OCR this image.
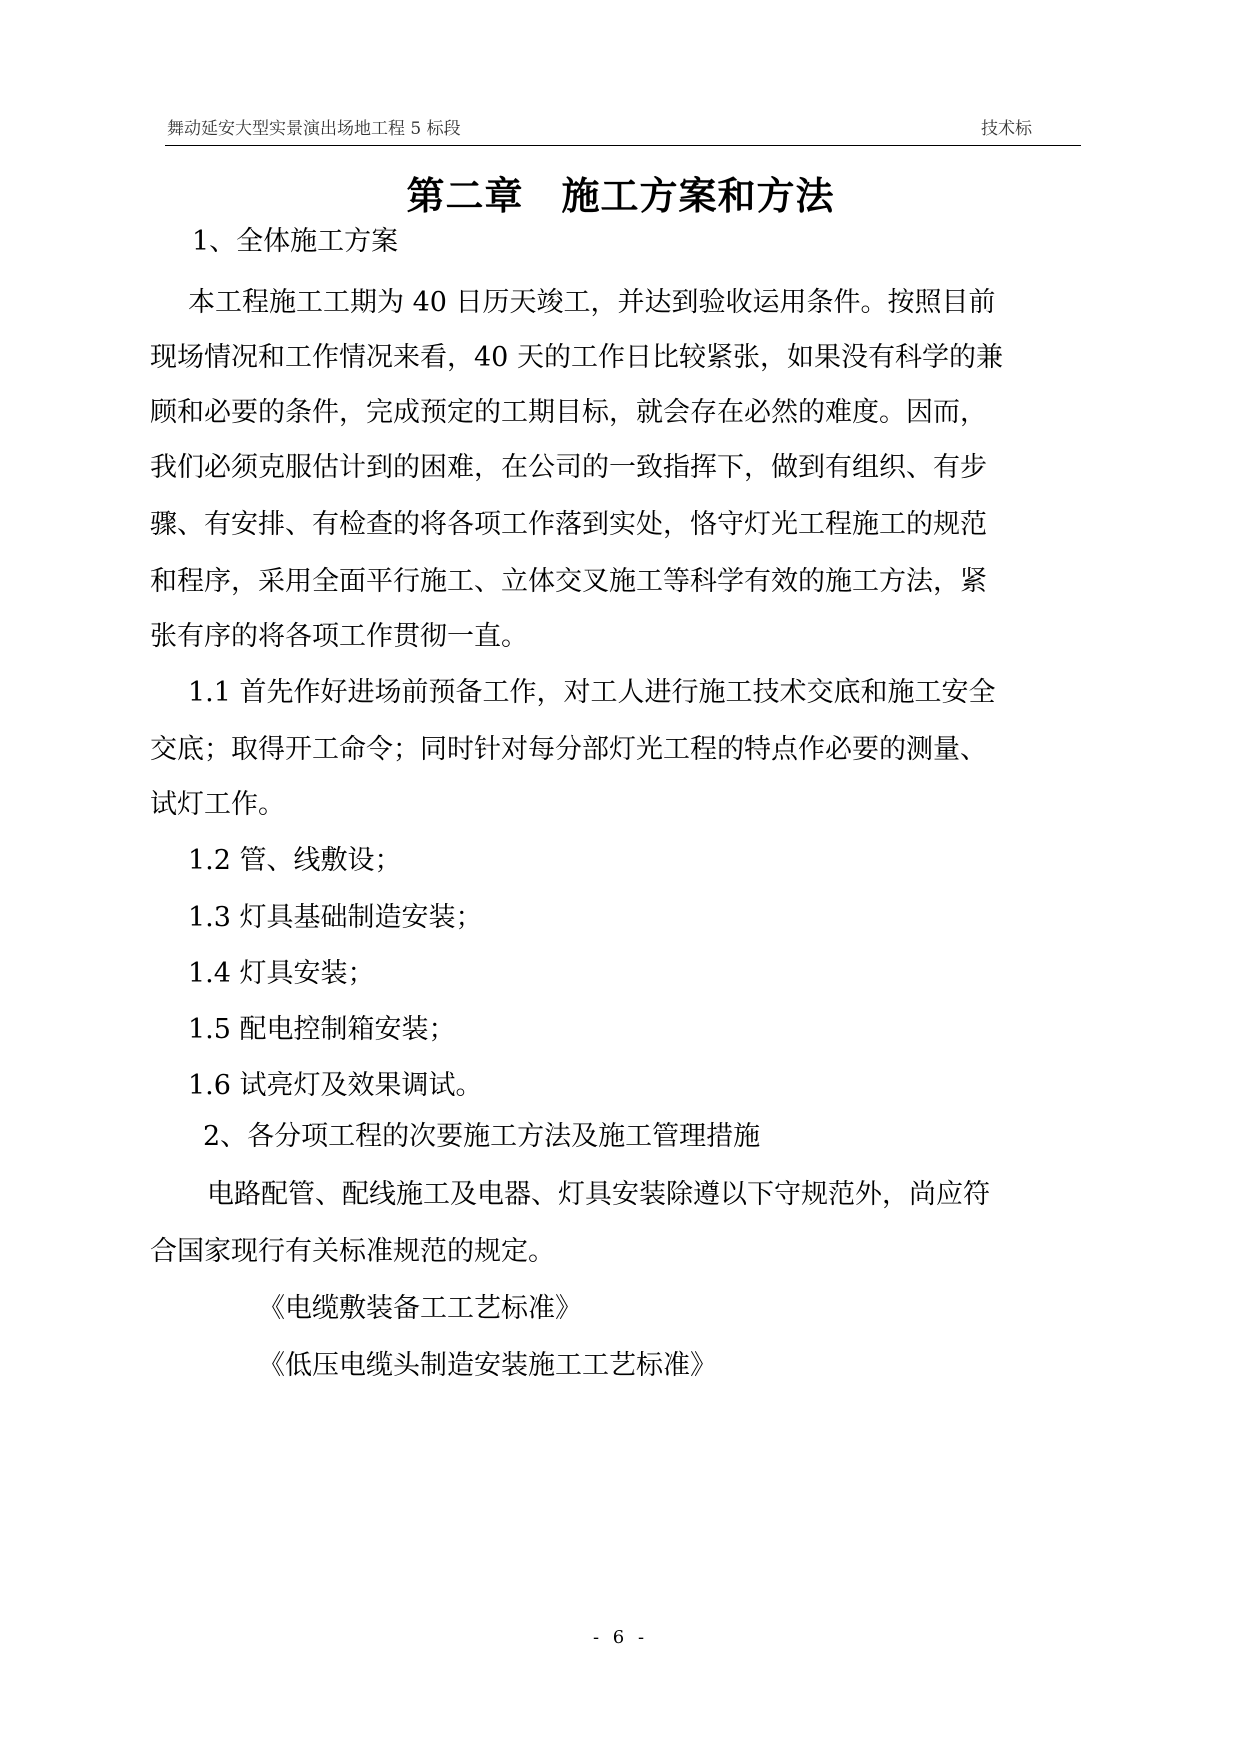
舞动延安大型实景演出场地工程 5 标段	技术标
第二章 施工方案和方法
1、全体施工方案
本工程施工工期为 40 日历天竣工，并达到验收运用条件。按照目前
现场情况和工作情况来看，40 天的工作日比较紧张，如果没有科学的兼
顾和必要的条件，完成预定的工期目标，就会存在必然的难度。因而，
我们必须克服估计到的困难，在公司的一致指挥下，做到有组织、有步
骤、有安排、有检查的将各项工作落到实处，恪守灯光工程施工的规范
和程序，采用全面平行施工、立体交叉施工等科学有效的施工方法，紧
张有序的将各项工作贯彻一直。
1.1 首先作好进场前预备工作，对工人进行施工技术交底和施工安全
交底；取得开工命令；同时针对每分部灯光工程的特点作必要的测量、
试灯工作。
1.2 管、线敷设；
1.3 灯具基础制造安装；
1.4 灯具安装；
1.5 配电控制箱安装；
1.6 试亮灯及效果调试。
2、各分项工程的次要施工方法及施工管理措施
电路配管、配线施工及电器、灯具安装除遵以下守规范外，尚应符
合国家现行有关标准规范的规定。
《电缆敷装备工工艺标准》
《低压电缆头制造安装施工工艺标准》
- 6 -
